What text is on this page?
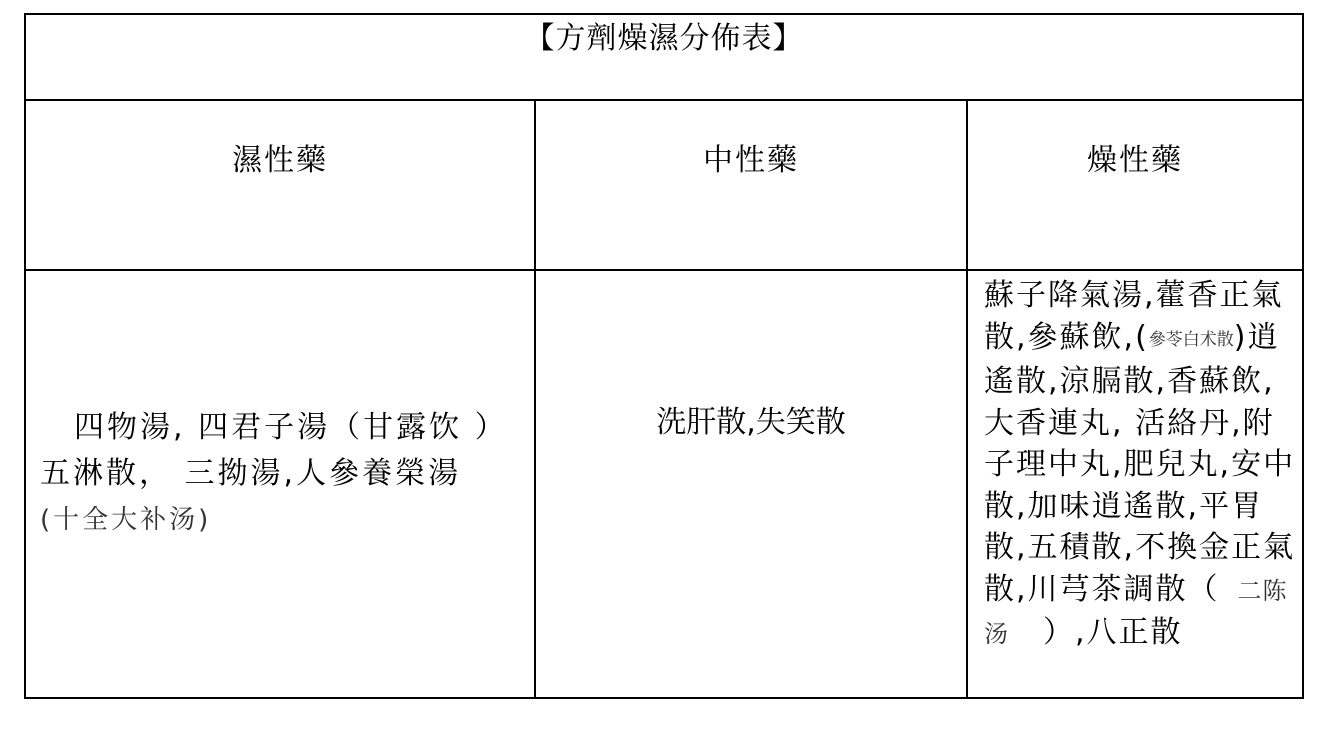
【方劑燥濕分佈表】
濕性藥	中性藥	燥性藥
四物湯, 四君子湯（甘露饮 ）
五淋散， 三拗湯,人參養榮湯
(十全大补汤)
洗肝散,失笑散
蘇子降氣湯,藿香正氣散,參蘇飲,(參苓白术散)逍遙散,涼膈散,香蘇飲,大香連丸, 活絡丹,附子理中丸,肥兒丸,安中散,加味逍遙散,平胃散,五積散,不換金正氣散,川芎茶調散（ 二陈汤 ）,八正散
